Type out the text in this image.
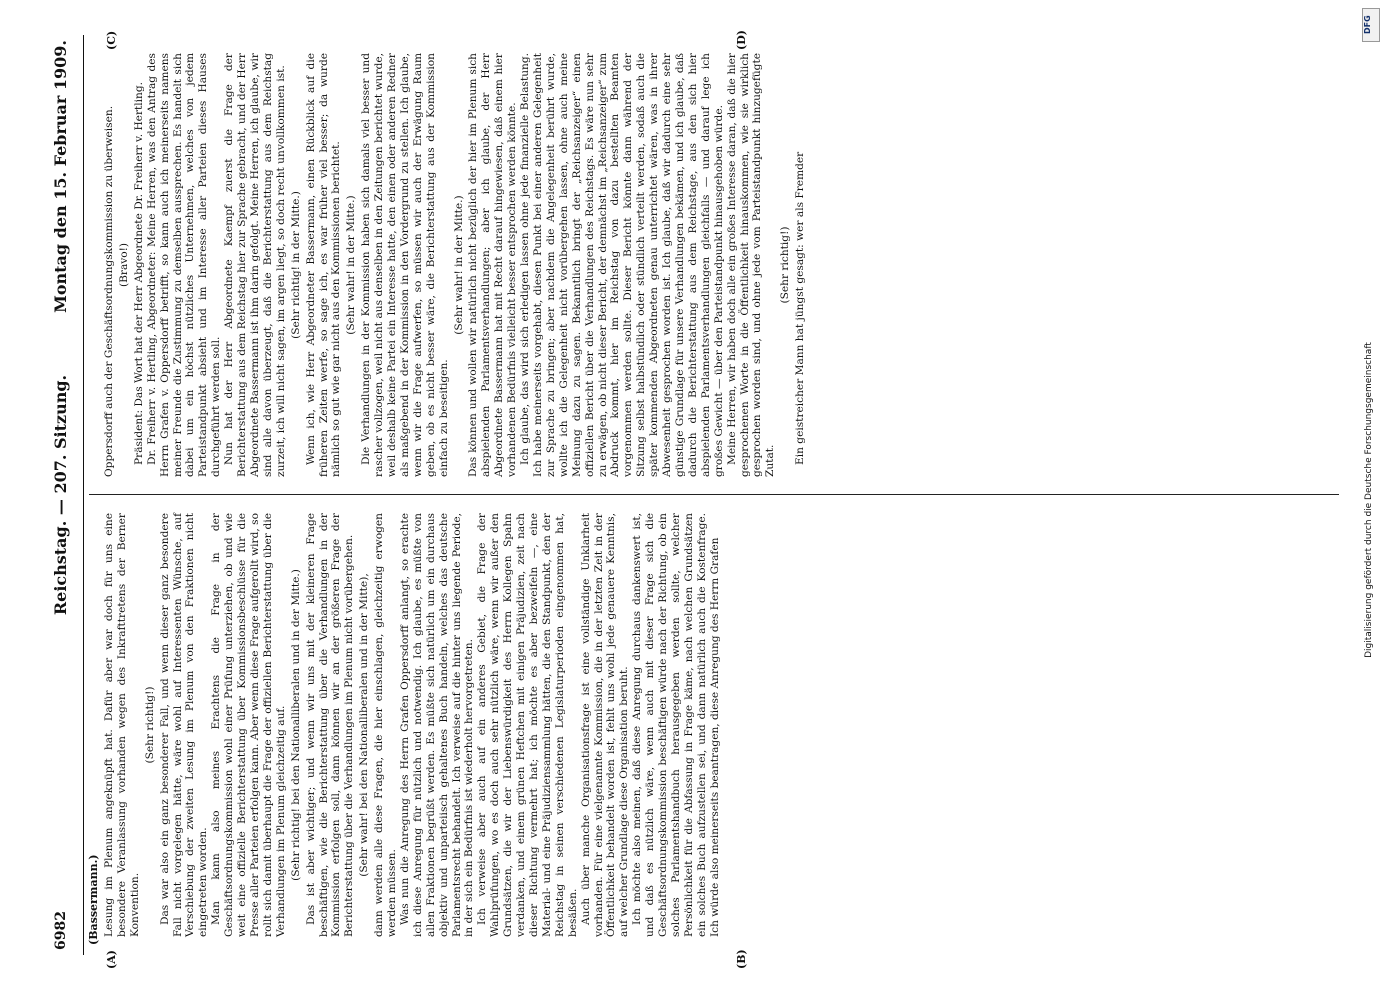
6982
Reichstag. — 207. Sitzung.
Montag den 15. Februar 1909.
(Bassermann.)
(A)	(B)
(C)	(D)

Lesung im Plenum angeknüpft hat. Dafür aber war doch für uns eine besondere Veranlassung vorhanden wegen des Inkrafttretens der Berner Konvention.

(Sehr richtig!) Das war also ein ganz besonderer Fall, und wenn dieser ganz besondere Fall nicht vorgelegen hätte, wäre wohl auf Interessenten Wünsche, auf Verschiebung der zweiten Lesung im Plenum von den Fraktionen nicht eingetreten worden. Man kann also meines Erachtens die Frage in der Geschäftsordnungskommission wohl einer Prüfung unterziehen, ob und wie weit eine offizielle Berichterstattung über Kommissionsbeschlüsse für die Presse aller Parteien erfolgen kann. Aber wenn diese Frage aufgerollt wird, so rollt sich damit überhaupt die Frage der offiziellen Berichterstattung über die Verhandlungen im Plenum gleichzeitig auf. (Sehr richtig! bei den Nationalliberalen und in der Mitte.) Das ist aber wichtiger; und wenn wir uns mit der kleineren Frage beschäftigen, wie die Berichterstattung über die Verhandlungen in der Kommission erfolgen soll, dann können wir an der größeren Frage der Berichterstattung über die Verhandlungen im Plenum nicht vorübergehen. (Sehr wahr! bei den Nationalliberalen und in der Mitte), dann werden alle diese Fragen, die hier einschlagen, gleichzeitig erwogen werden müssen. Was nun die Anregung des Herrn Grafen Oppersdorff anlangt, so erachte ich diese Anregung für nützlich und notwendig. Ich glaube, es müßte von allen Fraktionen begrüßt werden. Es müßte sich natürlich um ein durchaus objektiv und unparteiisch gehaltenes Buch handeln, welches das deutsche Parlamentsrecht behandelt. Ich verweise auf die hinter uns liegende Periode, in der sich ein Bedürfnis ist wiederholt hervorgetreten. Ich verweise aber auch auf ein anderes Gebiet, die Frage der Wahlprüfungen, wo es doch auch sehr nützlich wäre, wenn wir außer den Grundsätzen, die wir der Liebenswürdigkeit des Herrn Kollegen Spahn verdanken, und einem grünen Heftchen mit einigen Präjudizien, zeit nach dieser Richtung vermehrt hat; ich möchte es aber bezweifeln —, eine Material- und eine Präjudiziensammlung hätten, die den Standpunkt, den der Reichstag in seinen verschiedenen Legislaturperioden eingenommen hat, besäßen. Auch über manche Organisationsfrage ist eine vollständige Unklarheit vorhanden. Für eine vielgenannte Kommission, die in der letzten Zeit in der Öffentlichkeit behandelt worden ist, fehlt uns wohl jede genauere Kenntnis, auf welcher Grundlage diese Organisation beruht. Ich möchte also meinen, daß diese Anregung durchaus dankenswert ist, und daß es nützlich wäre, wenn auch mit dieser Frage sich die Geschäftsordnungskommission beschäftigen würde nach der Richtung, ob ein solches Parlamentshandbuch herausgegeben werden sollte, welcher Persönlichkeit für die Abfassung in Frage käme, nach welchen Grundsätzen ein solches Buch aufzustellen sei, und dann natürlich auch die Kostenfrage. Ich würde also meinerseits beantragen, diese Anregung des Herrn Grafen

Oppersdorff auch der Geschäftsordnungskommission zu überweisen. (Bravo!) Präsident: Das Wort hat der Herr Abgeordnete Dr. Freiherr v. Hertling. Dr. Freiherr v. Hertling, Abgeordneter: Meine Herren, was den Antrag des Herrn Grafen v. Oppersdorff betrifft, so kann auch ich meinerseits namens meiner Freunde die Zustimmung zu demselben aussprechen. Es handelt sich dabei um ein höchst nützliches Unternehmen, welches von jedem Parteistandpunkt absieht und im Interesse aller Parteien dieses Hauses durchgeführt werden soll. Nun hat der Herr Abgeordnete Kaempf zuerst die Frage der Berichterstattung aus dem Reichstag hier zur Sprache gebracht, und der Herr Abgeordnete Bassermann ist ihm darin gefolgt. Meine Herren, ich glaube, wir sind alle davon überzeugt, daß die Berichterstattung aus dem Reichstag zurzeit, ich will nicht sagen, im argen liegt, so doch recht unvollkommen ist. (Sehr richtig! in der Mitte.) Wenn ich, wie Herr Abgeordneter Bassermann, einen Rückblick auf die früheren Zeiten werfe, so sage ich, es war früher viel besser; da wurde nämlich so gut wie gar nicht aus den Kommissionen berichtet. (Sehr wahr! in der Mitte.) Die Verhandlungen in der Kommission haben sich damals viel besser und rascher vollzogen, weil nicht aus denselben in den Zeitungen berichtet wurde, weil deshalb keine Partei ein Interesse hatte, den einen oder anderen Redner als maßgebend in der Kommission in den Vordergrund zu stellen. Ich glaube, wenn wir die Frage aufwerfen, so müssen wir auch der Erwägung Raum geben, ob es nicht besser wäre, die Berichterstattung aus der Kommission einfach zu beseitigen.

(Sehr wahr! in der Mitte.) Das können und wollen wir natürlich nicht bezüglich der hier im Plenum sich abspielenden Parlamentsverhandlungen; aber ich glaube, der Herr Abgeordnete Bassermann hat mit Recht darauf hingewiesen, daß einem hier vorhandenen Bedürfnis vielleicht besser entsprochen werden könnte. Ich glaube, das wird sich erledigen lassen ohne jede finanzielle Belastung. Ich habe meinerseits vorgehabt, diesen Punkt bei einer anderen Gelegenheit zur Sprache zu bringen; aber nachdem die Angelegenheit berührt wurde, wollte ich die Gelegenheit nicht vorübergehen lassen, ohne auch meine Meinung dazu zu sagen. Bekanntlich bringt der „Reichsanzeiger“ einen offiziellen Bericht über die Verhandlungen des Reichstags. Es wäre nun sehr zu erwägen, ob nicht dieser Bericht, der demnächst im „Reichsanzeiger“ zum Abdruck kommt, hier im Reichstag von dazu bestellten Beamten vorgenommen werden sollte. Dieser Bericht könnte dann während der Sitzung selbst halbstündlich oder stündlich verteilt werden, sodaß auch die später kommenden Abgeordneten genau unterrichtet wären, was in ihrer Abwesenheit gesprochen worden ist. Ich glaube, daß wir dadurch eine sehr günstige Grundlage für unsere Verhandlungen bekämen, und ich glaube, daß dadurch die Berichterstattung aus dem Reichstage, aus den sich hier abspielenden Parlamentsverhandlungen gleichfalls — und darauf lege ich großes Gewicht — über den Parteistandpunkt hinausgehoben würde. Meine Herren, wir haben doch alle ein großes Interesse daran, daß die hier gesprochenen Worte in die Öffentlichkeit hinauskommen, wie sie wirklich gesprochen worden sind, und ohne jede vom Parteistandpunkt hinzugefügte Zutat.

(Sehr richtig!) Ein geistreicher Mann hat jüngst gesagt: wer als Fremder

Digitalisierung gefördert durch die Deutsche Forschungsgemeinschaft
DFG
